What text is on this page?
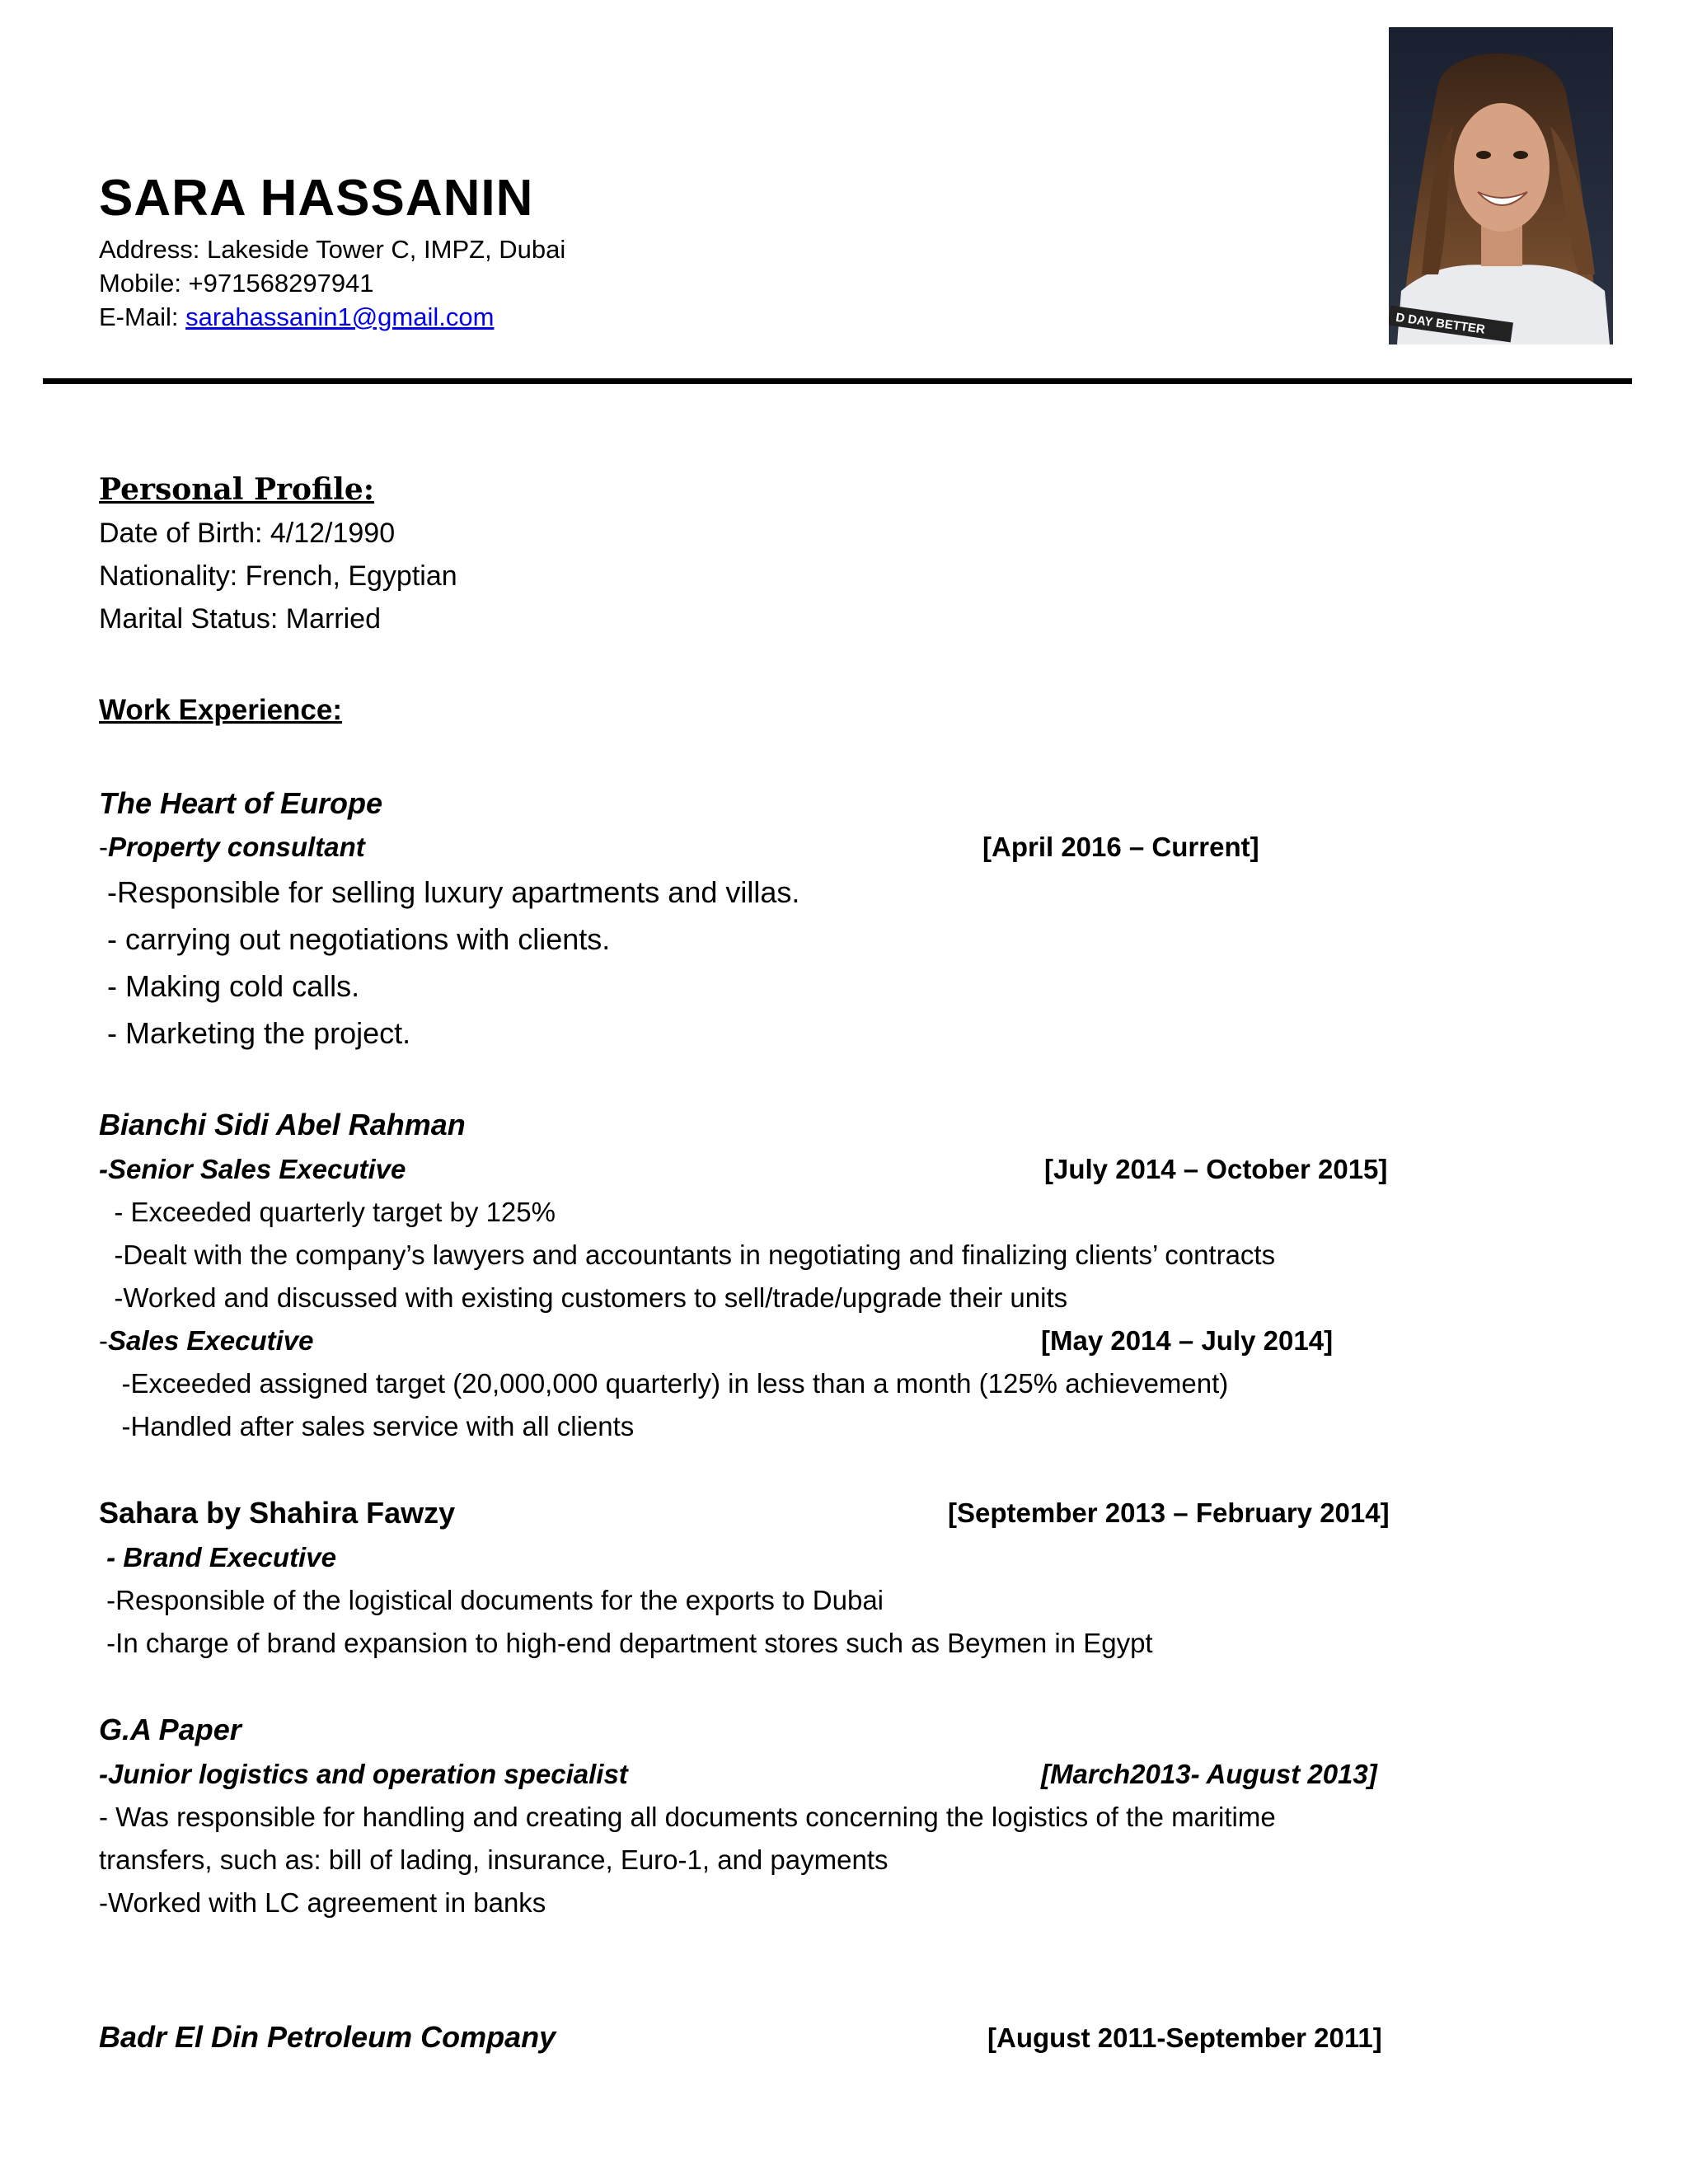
SARA HASSANIN
Address: Lakeside Tower C, IMPZ, Dubai
Mobile: +971568297941
E-Mail: sarahassanin1@gmail.com	D DAY BETTER
Personal Profile:
Date of Birth: 4/12/1990
Nationality: French, Egyptian
Marital Status: Married
Work Experience:
The Heart of Europe
-Property consultant	[April 2016 – Current]
-Responsible for selling luxury apartments and villas.
- carrying out negotiations with clients.
- Making cold calls.
- Marketing the project.
Bianchi Sidi Abel Rahman
-Senior Sales Executive	[July 2014 – October 2015]
- Exceeded quarterly target by 125%
-Dealt with the company’s lawyers and accountants in negotiating and finalizing clients’ contracts
-Worked and discussed with existing customers to sell/trade/upgrade their units
-Sales Executive	[May 2014 – July 2014]
-Exceeded assigned target (20,000,000 quarterly) in less than a month (125% achievement)
-Handled after sales service with all clients
Sahara by Shahira Fawzy	[September 2013 – February 2014]
- Brand Executive
-Responsible of the logistical documents for the exports to Dubai
-In charge of brand expansion to high-end department stores such as Beymen in Egypt
G.A Paper
-Junior logistics and operation specialist	[March2013- August 2013]
- Was responsible for handling and creating all documents concerning the logistics of the maritime
transfers, such as: bill of lading, insurance, Euro-1, and payments
-Worked with LC agreement in banks
Badr El Din Petroleum Company	[August 2011-September 2011]
